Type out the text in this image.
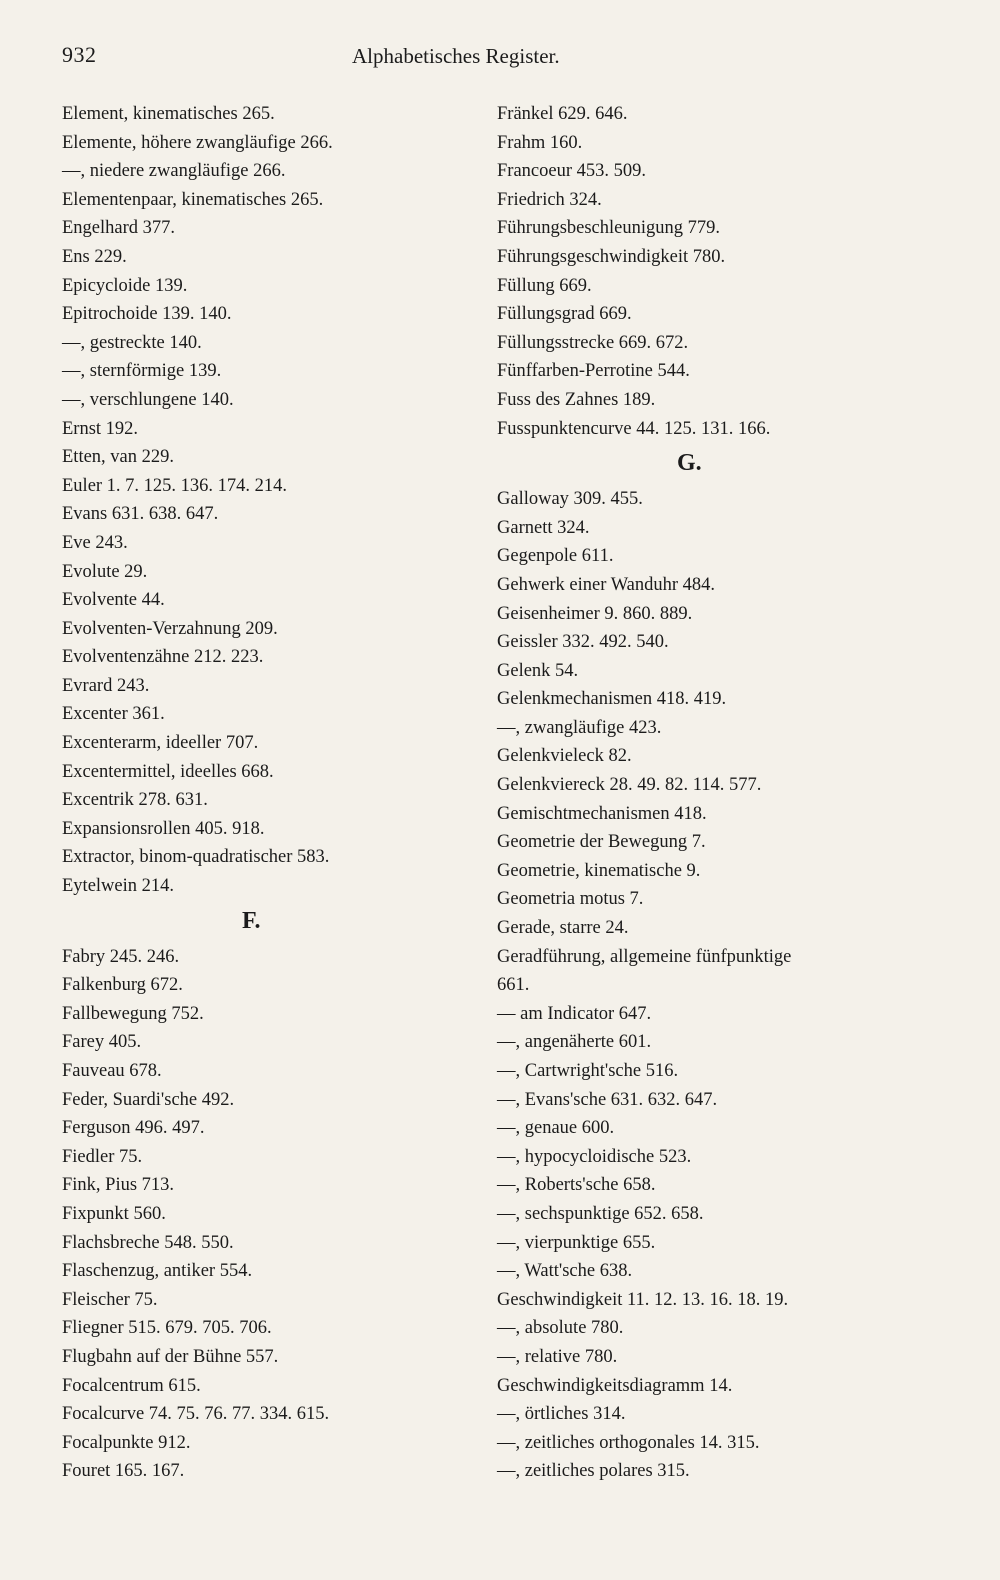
932	Alphabetisches Register.
Element, kinematisches 265.
Elemente, höhere zwangläufige 266.
—, niedere zwangläufige 266.
Elementenpaar, kinematisches 265.
Engelhard 377.
Ens 229.
Epicycloide 139.
Epitrochoide 139. 140.
—, gestreckte 140.
—, sternförmige 139.
—, verschlungene 140.
Ernst 192.
Etten, van 229.
Euler 1. 7. 125. 136. 174. 214.
Evans 631. 638. 647.
Eve 243.
Evolute 29.
Evolvente 44.
Evolventen-Verzahnung 209.
Evolventenzähne 212. 223.
Evrard 243.
Excenter 361.
Excenterarm, ideeller 707.
Excentermittel, ideelles 668.
Excentrik 278. 631.
Expansionsrollen 405. 918.
Extractor, binom-quadratischer 583.
Eytelwein 214.
F.
Fabry 245. 246.
Falkenburg 672.
Fallbewegung 752.
Farey 405.
Fauveau 678.
Feder, Suardi'sche 492.
Ferguson 496. 497.
Fiedler 75.
Fink, Pius 713.
Fixpunkt 560.
Flachsbreche 548. 550.
Flaschenzug, antiker 554.
Fleischer 75.
Fliegner 515. 679. 705. 706.
Flugbahn auf der Bühne 557.
Focalcentrum 615.
Focalcurve 74. 75. 76. 77. 334. 615.
Focalpunkte 912.
Fouret 165. 167.
Fränkel 629. 646.
Frahm 160.
Francoeur 453. 509.
Friedrich 324.
Führungsbeschleunigung 779.
Führungsgeschwindigkeit 780.
Füllung 669.
Füllungsgrad 669.
Füllungsstrecke 669. 672.
Fünffarben-Perrotine 544.
Fuss des Zahnes 189.
Fusspunktencurve 44. 125. 131. 166.
G.
Galloway 309. 455.
Garnett 324.
Gegenpole 611.
Gehwerk einer Wanduhr 484.
Geisenheimer 9. 860. 889.
Geissler 332. 492. 540.
Gelenk 54.
Gelenkmechanismen 418. 419.
—, zwangläufige 423.
Gelenkvieleck 82.
Gelenkviereck 28. 49. 82. 114. 577.
Gemischtmechanismen 418.
Geometrie der Bewegung 7.
Geometrie, kinematische 9.
Geometria motus 7.
Gerade, starre 24.
Geradführung, allgemeine fünfpunktige
661.
— am Indicator 647.
—, angenäherte 601.
—, Cartwright'sche 516.
—, Evans'sche 631. 632. 647.
—, genaue 600.
—, hypocycloidische 523.
—, Roberts'sche 658.
—, sechspunktige 652. 658.
—, vierpunktige 655.
—, Watt'sche 638.
Geschwindigkeit 11. 12. 13. 16. 18. 19.
—, absolute 780.
—, relative 780.
Geschwindigkeitsdiagramm 14.
—, örtliches 314.
—, zeitliches orthogonales 14. 315.
—, zeitliches polares 315.
